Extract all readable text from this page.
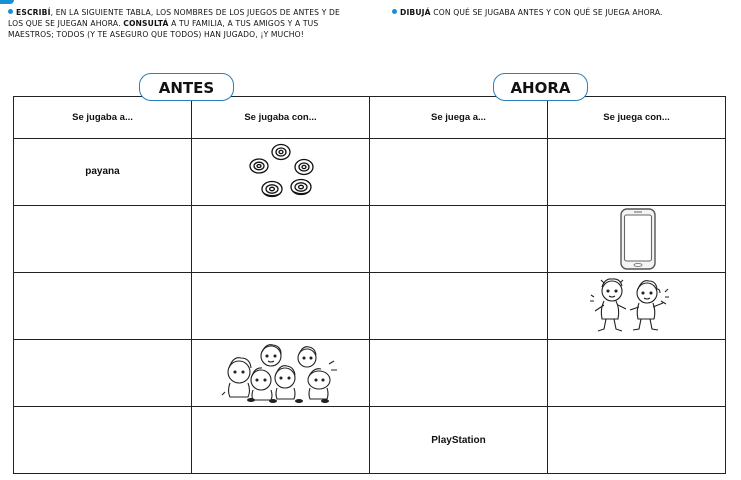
ESCRIBÍ, EN LA SIGUIENTE TABLA, LOS NOMBRES DE LOS JUEGOS DE ANTES Y DE LOS QUE SE JUEGAN AHORA. CONSULTÁ A TU FAMILIA, A TUS AMIGOS Y A TUS MAESTROS; TODOS (Y TE ASEGURO QUE TODOS) HAN JUGADO, ¡Y MUCHO!
DIBUJÁ CON QUÉ SE JUGABA ANTES Y CON QUÉ SE JUEGA AHORA.
Se jugaba a...	Se jugaba con...	Se juega a...	Se juega con...
payana	

		PlayStation	
ANTES	AHORA
